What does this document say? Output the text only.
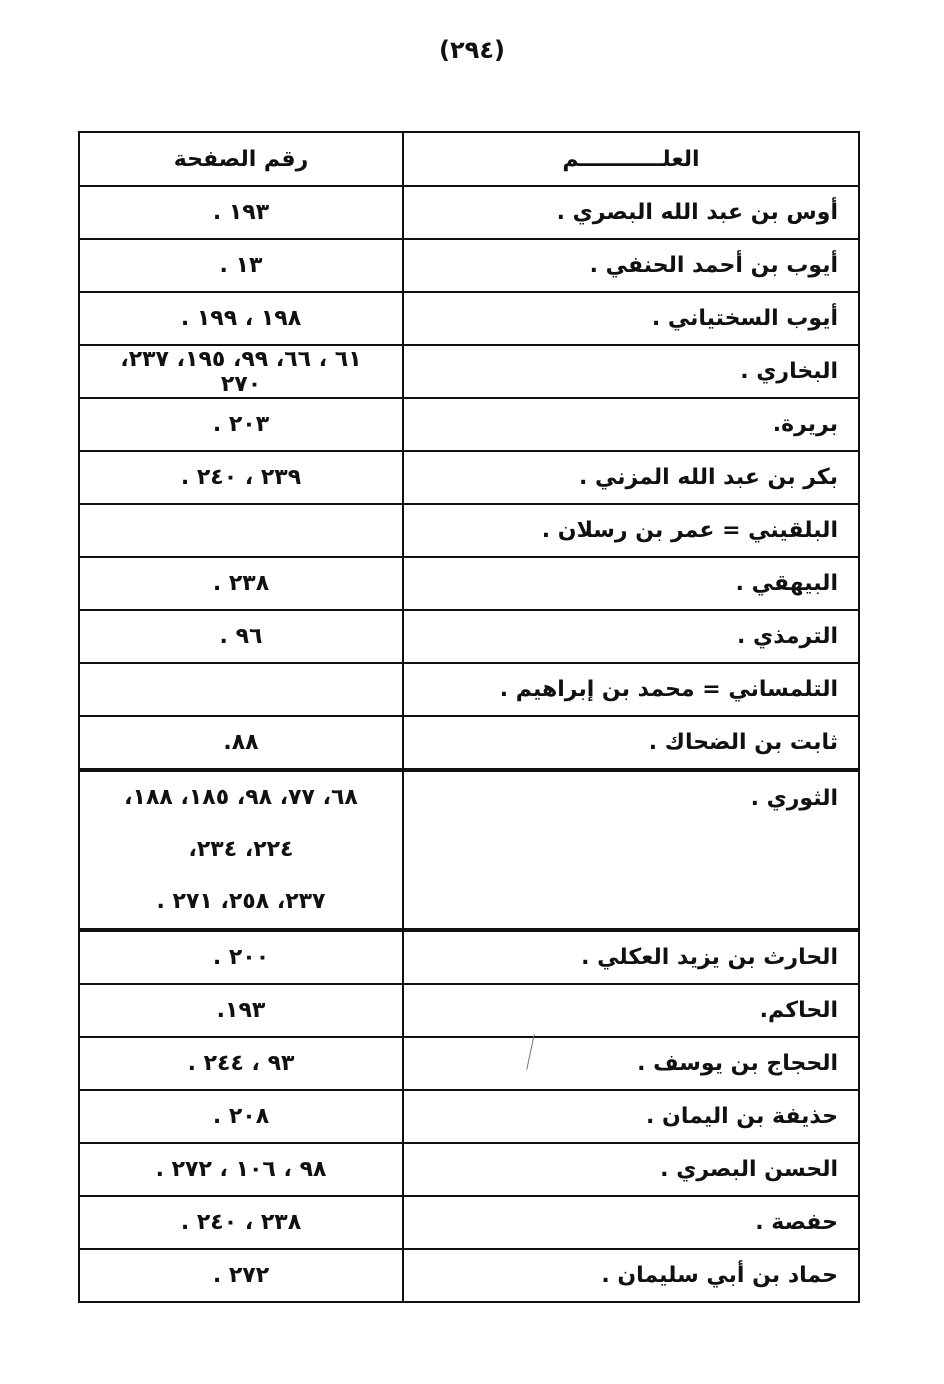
(٢٩٤)
العلـــــــــــم	رقم الصفحة
أوس بن عبد الله البصري .	١٩٣ .
أيوب بن أحمد الحنفي .	١٣ .
أيوب السختياني .	١٩٨ ، ١٩٩ .
البخاري .	٦١ ، ٦٦، ٩٩، ١٩٥، ٢٣٧، ٢٧٠
بريرة.	٢٠٣ .
بكر بن عبد الله المزني .	٢٣٩ ، ٢٤٠ .
البلقيني = عمر بن رسلان .	
البيهقي .	٢٣٨ .
الترمذي .	٩٦ .
التلمساني = محمد بن إبراهيم .	
ثابت بن الضحاك .	٨٨.
الثوري .	٦٨، ٧٧، ٩٨، ١٨٥، ١٨٨، ٢٢٤، ٢٣٤،
٢٣٧، ٢٥٨، ٢٧١ .

الحارث بن يزيد العكلي .	٢٠٠ .
الحاكم.	١٩٣.
الحجاج بن يوسف .	٩٣ ، ٢٤٤ .
حذيفة بن اليمان .	٢٠٨ .
الحسن البصري .	٩٨ ، ١٠٦ ، ٢٧٢ .
حفصة .	٢٣٨ ، ٢٤٠ .
حماد بن أبي سليمان .	٢٧٢ .
